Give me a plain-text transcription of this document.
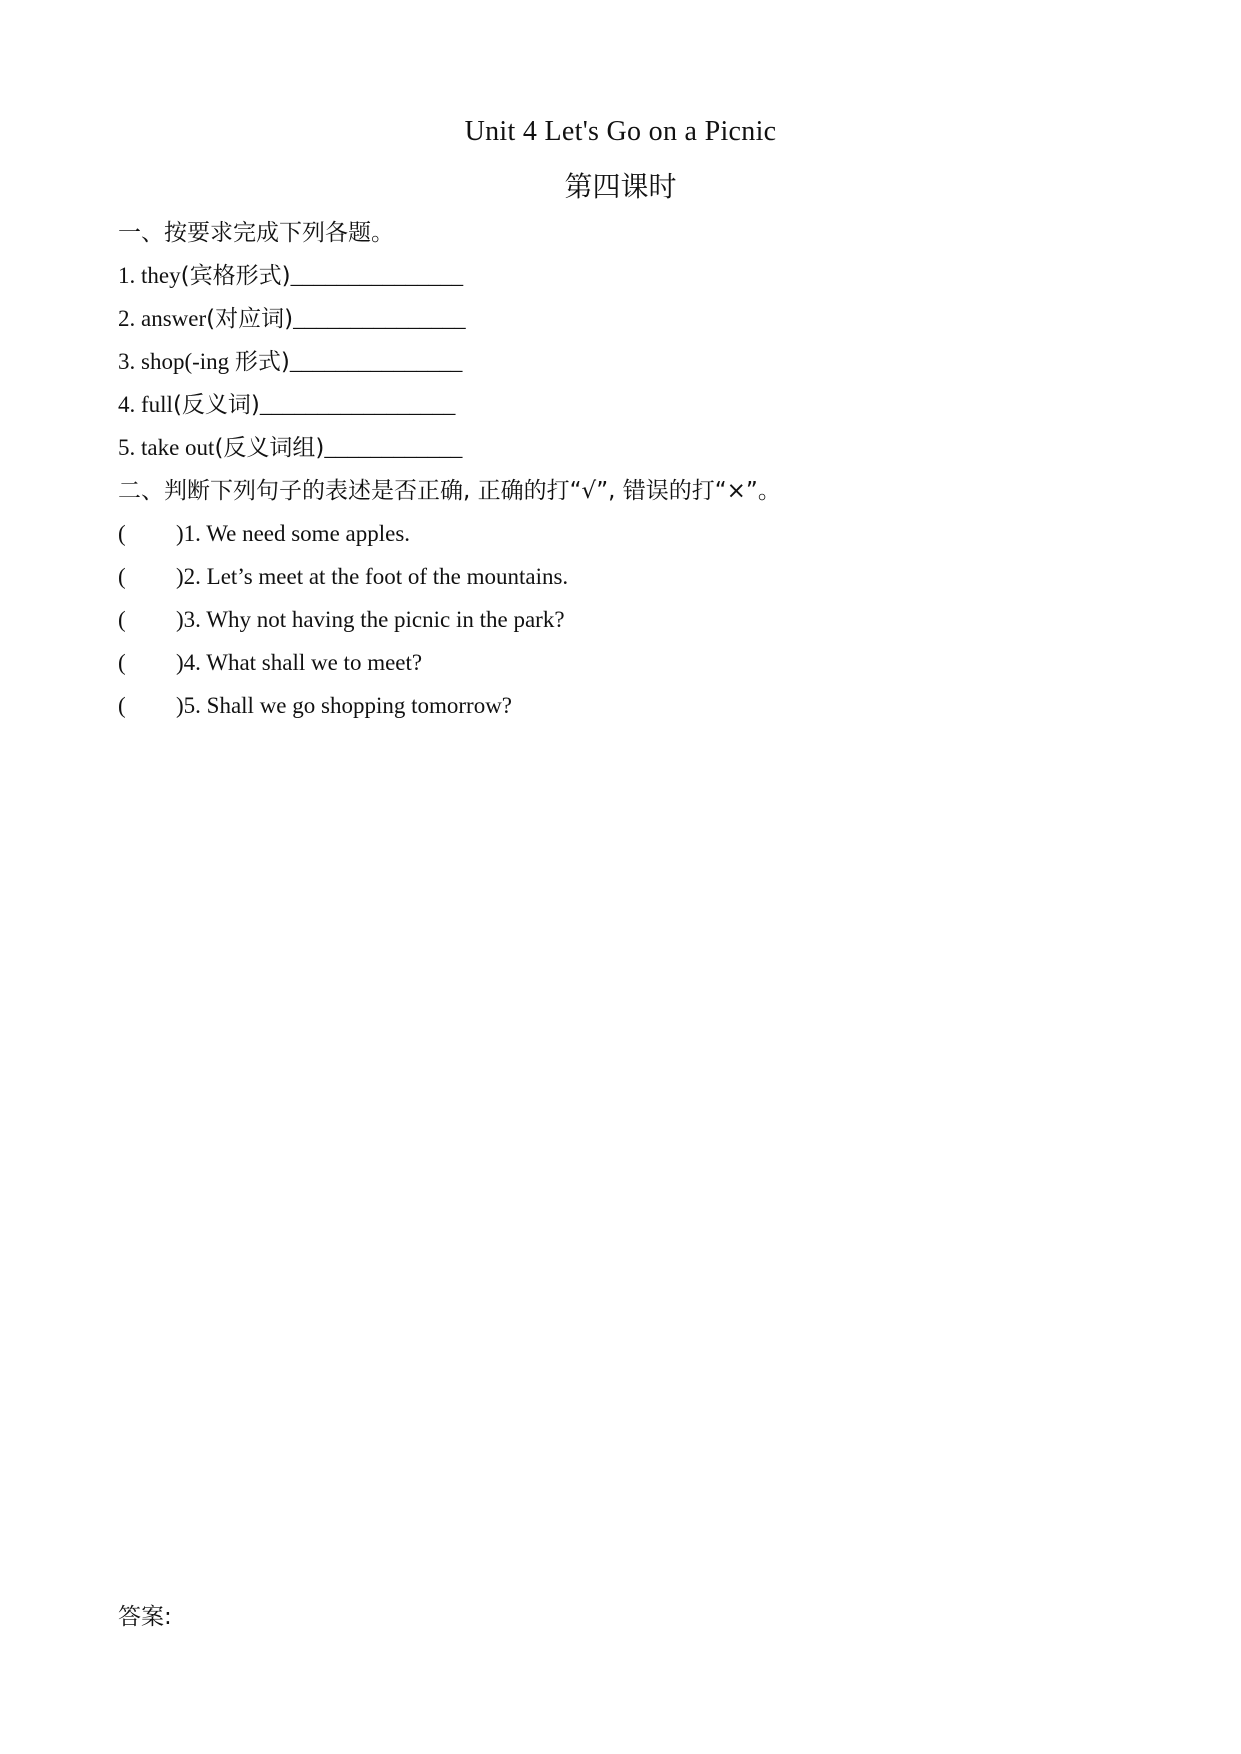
Unit 4 Let's Go on a Picnic
第四课时
一、按要求完成下列各题。
1. they(宾格形式)_______________
2. answer(对应词)_______________
3. shop(-ing 形式)_______________
4. full(反义词)_________________
5. take out(反义词组)____________
二、判断下列句子的表述是否正确, 正确的打“√”, 错误的打“×”。
( )1. We need some apples.
( )2. Let’s meet at the foot of the mountains.
( )3. Why not having the picnic in the park?
( )4. What shall we to meet?
( )5. Shall we go shopping tomorrow?
答案:
